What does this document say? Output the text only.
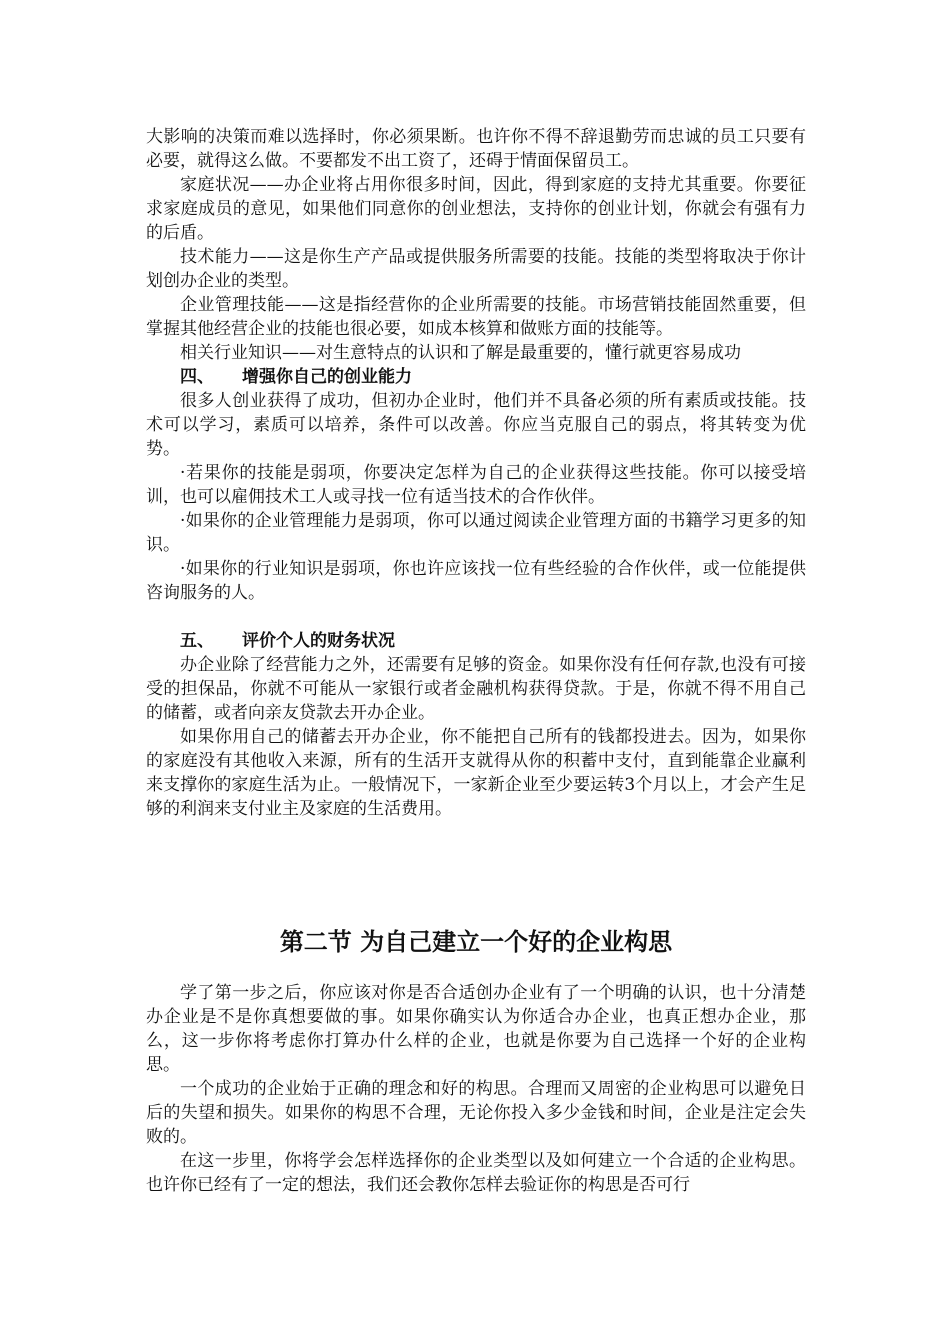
大影响的决策而难以选择时，你必须果断。也许你不得不辞退勤劳而忠诚的员工只要有必要，就得这么做。不要都发不出工资了，还碍于情面保留员工。

家庭状况——办企业将占用你很多时间，因此，得到家庭的支持尤其重要。你要征求家庭成员的意见，如果他们同意你的创业想法，支持你的创业计划，你就会有强有力的后盾。

技术能力——这是你生产产品或提供服务所需要的技能。技能的类型将取决于你计划创办企业的类型。

企业管理技能——这是指经营你的企业所需要的技能。市场营销技能固然重要，但掌握其他经营企业的技能也很必要，如成本核算和做账方面的技能等。

相关行业知识——对生意特点的认识和了解是最重要的，懂行就更容易成功

四、 增强你自己的创业能力

很多人创业获得了成功，但初办企业时，他们并不具备必须的所有素质或技能。技术可以学习，素质可以培养，条件可以改善。你应当克服自己的弱点，将其转变为优势。

·若果你的技能是弱项，你要决定怎样为自己的企业获得这些技能。你可以接受培训，也可以雇佣技术工人或寻找一位有适当技术的合作伙伴。

·如果你的企业管理能力是弱项，你可以通过阅读企业管理方面的书籍学习更多的知识。

·如果你的行业知识是弱项，你也许应该找一位有些经验的合作伙伴，或一位能提供咨询服务的人。

五、 评价个人的财务状况

办企业除了经营能力之外，还需要有足够的资金。如果你没有任何存款,也没有可接受的担保品，你就不可能从一家银行或者金融机构获得贷款。于是，你就不得不用自己的储蓄，或者向亲友贷款去开办企业。

如果你用自己的储蓄去开办企业，你不能把自己所有的钱都投进去。因为，如果你的家庭没有其他收入来源，所有的生活开支就得从你的积蓄中支付，直到能靠企业赢利来支撑你的家庭生活为止。一般情况下，一家新企业至少要运转3个月以上，才会产生足够的利润来支付业主及家庭的生活费用。

第二节 为自己建立一个好的企业构思

学了第一步之后，你应该对你是否合适创办企业有了一个明确的认识，也十分清楚办企业是不是你真想要做的事。如果你确实认为你适合办企业，也真正想办企业，那么，这一步你将考虑你打算办什么样的企业，也就是你要为自己选择一个好的企业构思。

一个成功的企业始于正确的理念和好的构思。合理而又周密的企业构思可以避免日后的失望和损失。如果你的构思不合理，无论你投入多少金钱和时间，企业是注定会失败的。

在这一步里，你将学会怎样选择你的企业类型以及如何建立一个合适的企业构思。也许你已经有了一定的想法，我们还会教你怎样去验证你的构思是否可行
